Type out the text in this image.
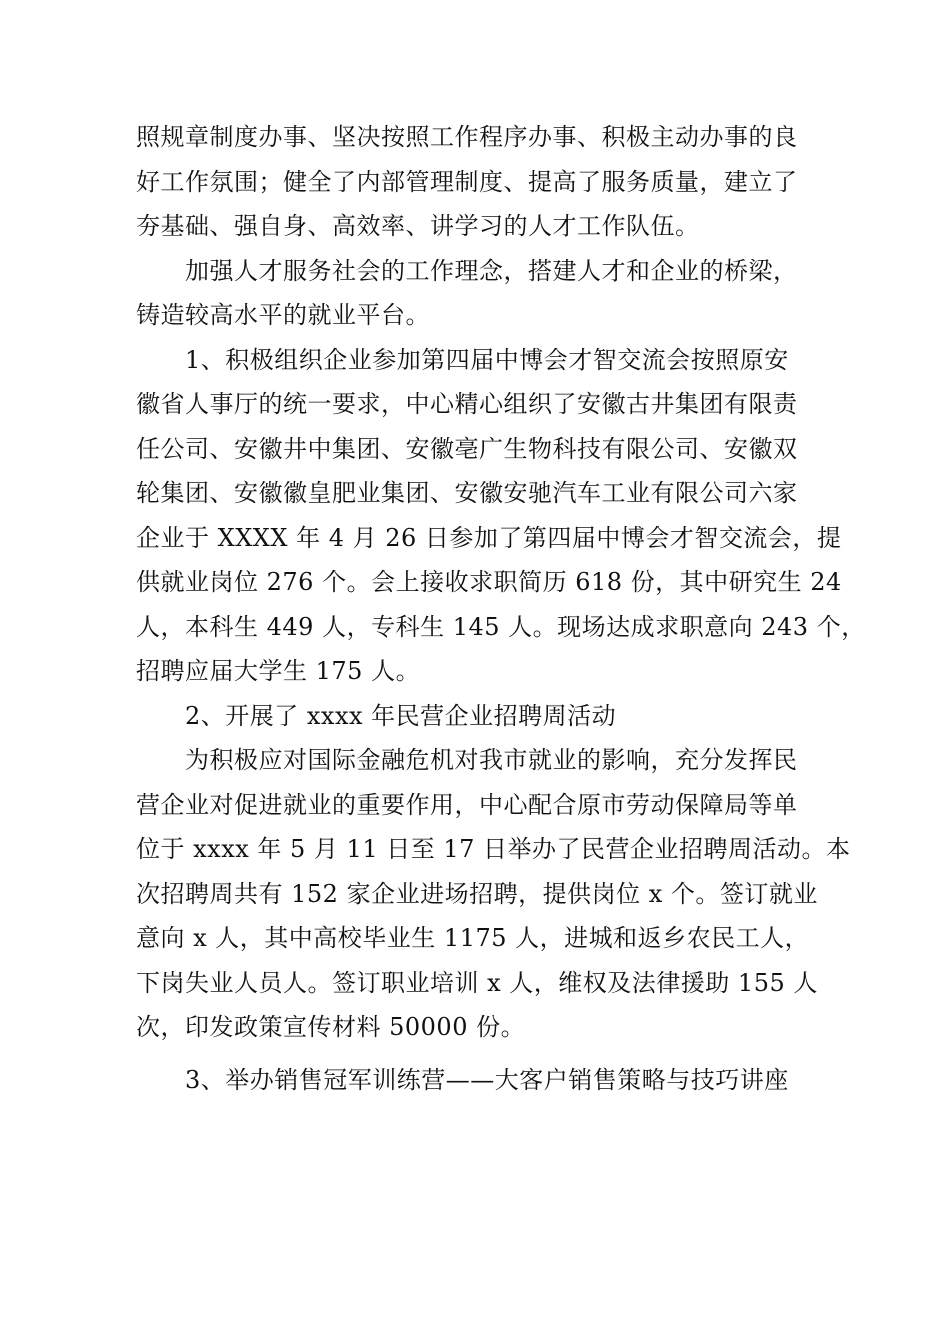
照规章制度办事、坚决按照工作程序办事、积极主动办事的良
好工作氛围；健全了内部管理制度、提高了服务质量，建立了
夯基础、强自身、高效率、讲学习的人才工作队伍。
加强人才服务社会的工作理念，搭建人才和企业的桥梁，
铸造较高水平的就业平台。
1、积极组织企业参加第四届中博会才智交流会按照原安
徽省人事厅的统一要求，中心精心组织了安徽古井集团有限责
任公司、安徽井中集团、安徽亳广生物科技有限公司、安徽双
轮集团、安徽徽皇肥业集团、安徽安驰汽车工业有限公司六家
企业于 XXXX 年 4 月 26 日参加了第四届中博会才智交流会，提
供就业岗位 276 个。会上接收求职简历 618 份，其中研究生 24
人，本科生 449 人，专科生 145 人。现场达成求职意向 243 个，
招聘应届大学生 175 人。
2、开展了 xxxx 年民营企业招聘周活动
为积极应对国际金融危机对我市就业的影响，充分发挥民
营企业对促进就业的重要作用，中心配合原市劳动保障局等单
位于 xxxx 年 5 月 11 日至 17 日举办了民营企业招聘周活动。本
次招聘周共有 152 家企业进场招聘，提供岗位 x 个。签订就业
意向 x 人，其中高校毕业生 1175 人，进城和返乡农民工人，
下岗失业人员人。签订职业培训 x 人，维权及法律援助 155 人
次，印发政策宣传材料 50000 份。
3、举办销售冠军训练营——大客户销售策略与技巧讲座
